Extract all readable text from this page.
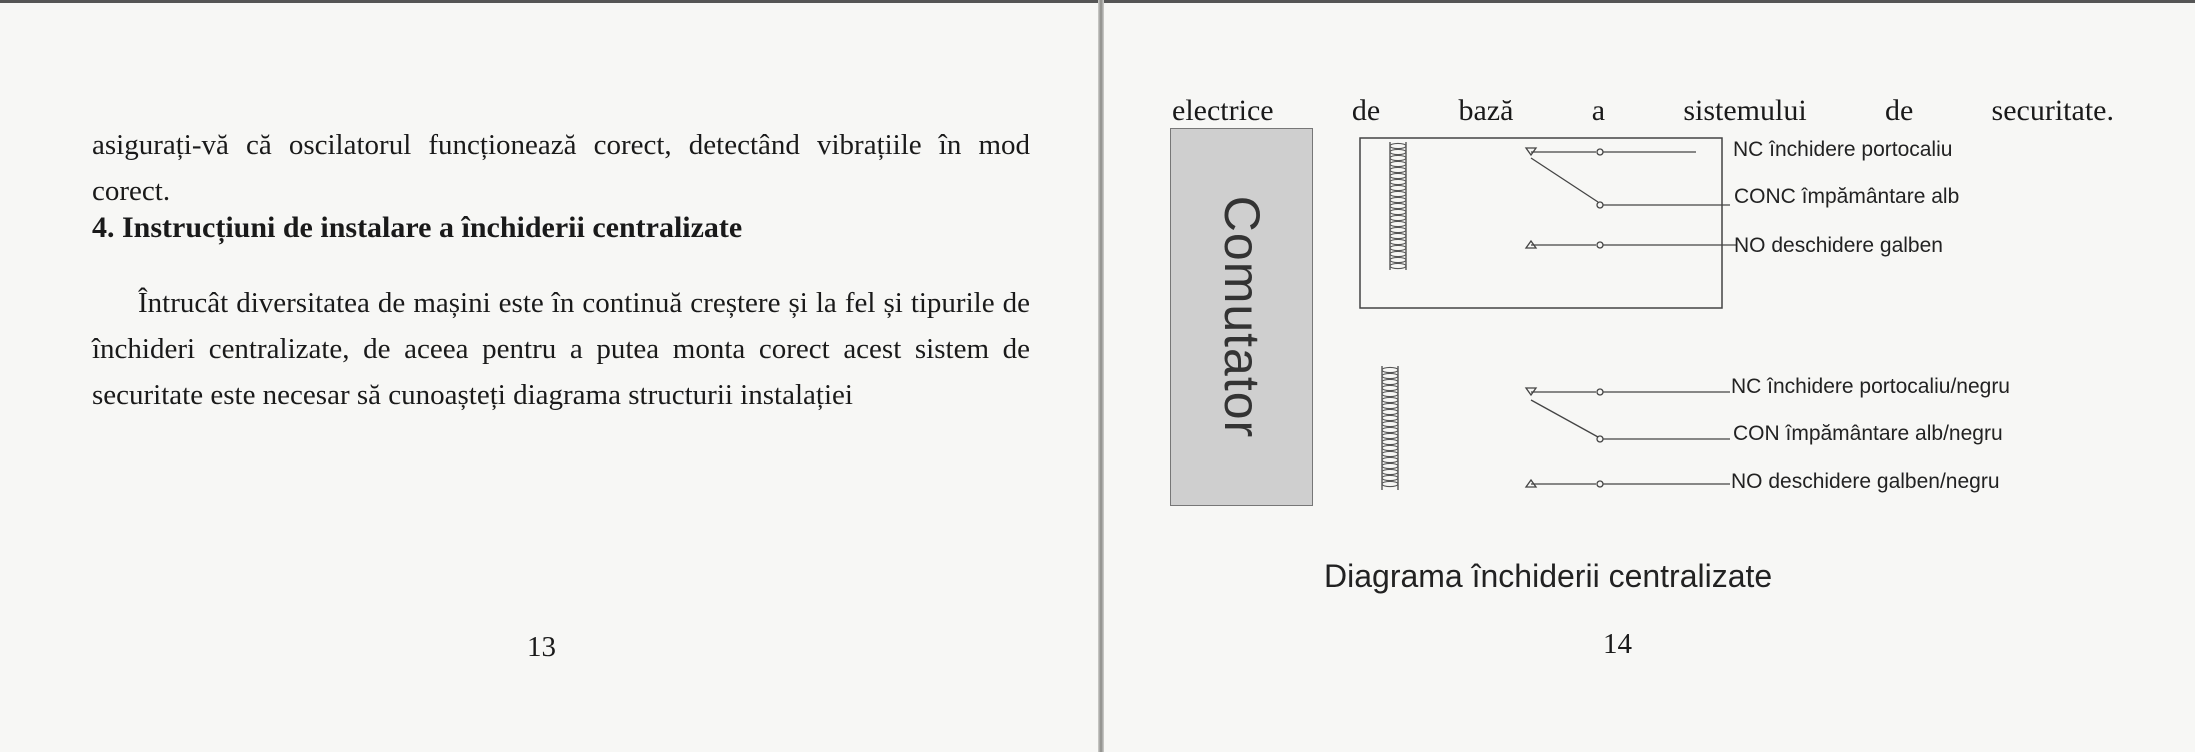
asigurați-vă că oscilatorul funcționează corect, detectând vibrațiile în mod corect.

4. Instrucțiuni de instalare a închiderii centralizate

Întrucât diversitatea de mașini este în continuă creștere și la fel și tipurile de închideri centralizate, de aceea pentru a putea monta corect acest sistem de securitate este necesar să cunoașteți diagrama structurii instalației

13
electrice	de	bază	a	sistemului	de	securitate.
Comutator
NC închidere portocaliu
CONC împământare alb
NO deschidere galben
NC închidere portocaliu/negru
CON împământare alb/negru
NO deschidere galben/negru
Diagrama închiderii centralizate
14
